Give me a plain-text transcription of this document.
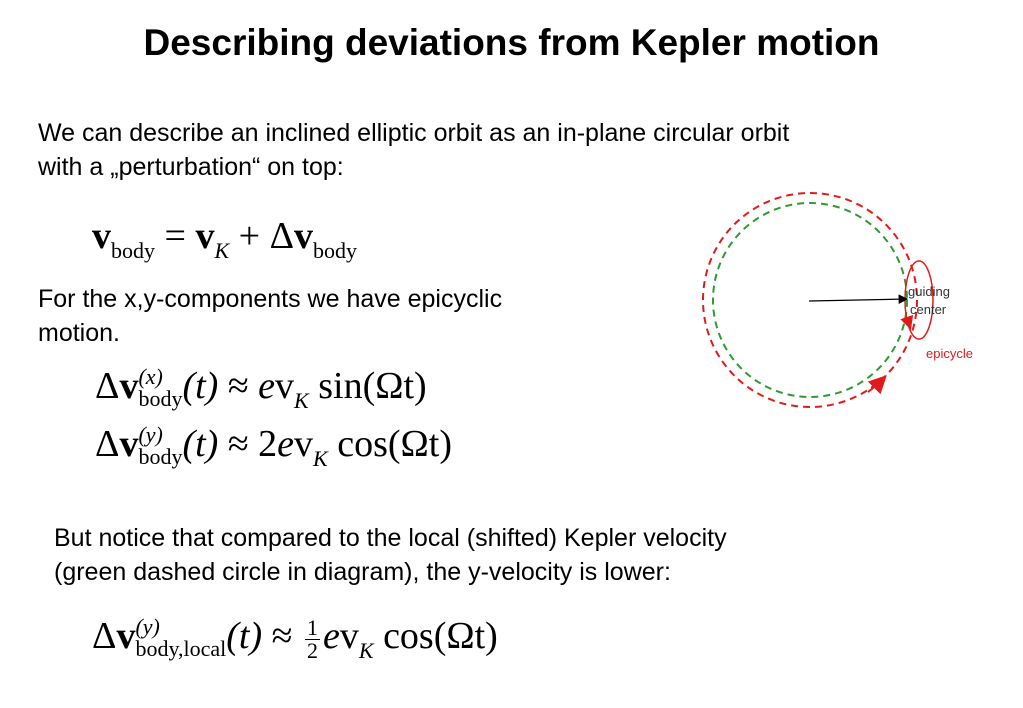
Describing deviations from Kepler motion
We can describe an inclined elliptic orbit as an in-plane circular orbit
with a „perturbation“ on top:
$v_{body} = v_K + \Delta v_{body}$
For the x,y-components we have epicyclic
motion.
Δv (x)
body $(t) \approx ev_K$ sin(Ωt)
Δv (y)
body $(t) \approx 2ev_K$ cos(Ωt)
But notice that compared to the local (shifted) Kepler velocity
(green dashed circle in diagram), the y-velocity is lower:
Δv (y)
body,local $(t) \approx \frac{1}{2} ev_K$ cos(Ωt)
guiding
center
epicycle
